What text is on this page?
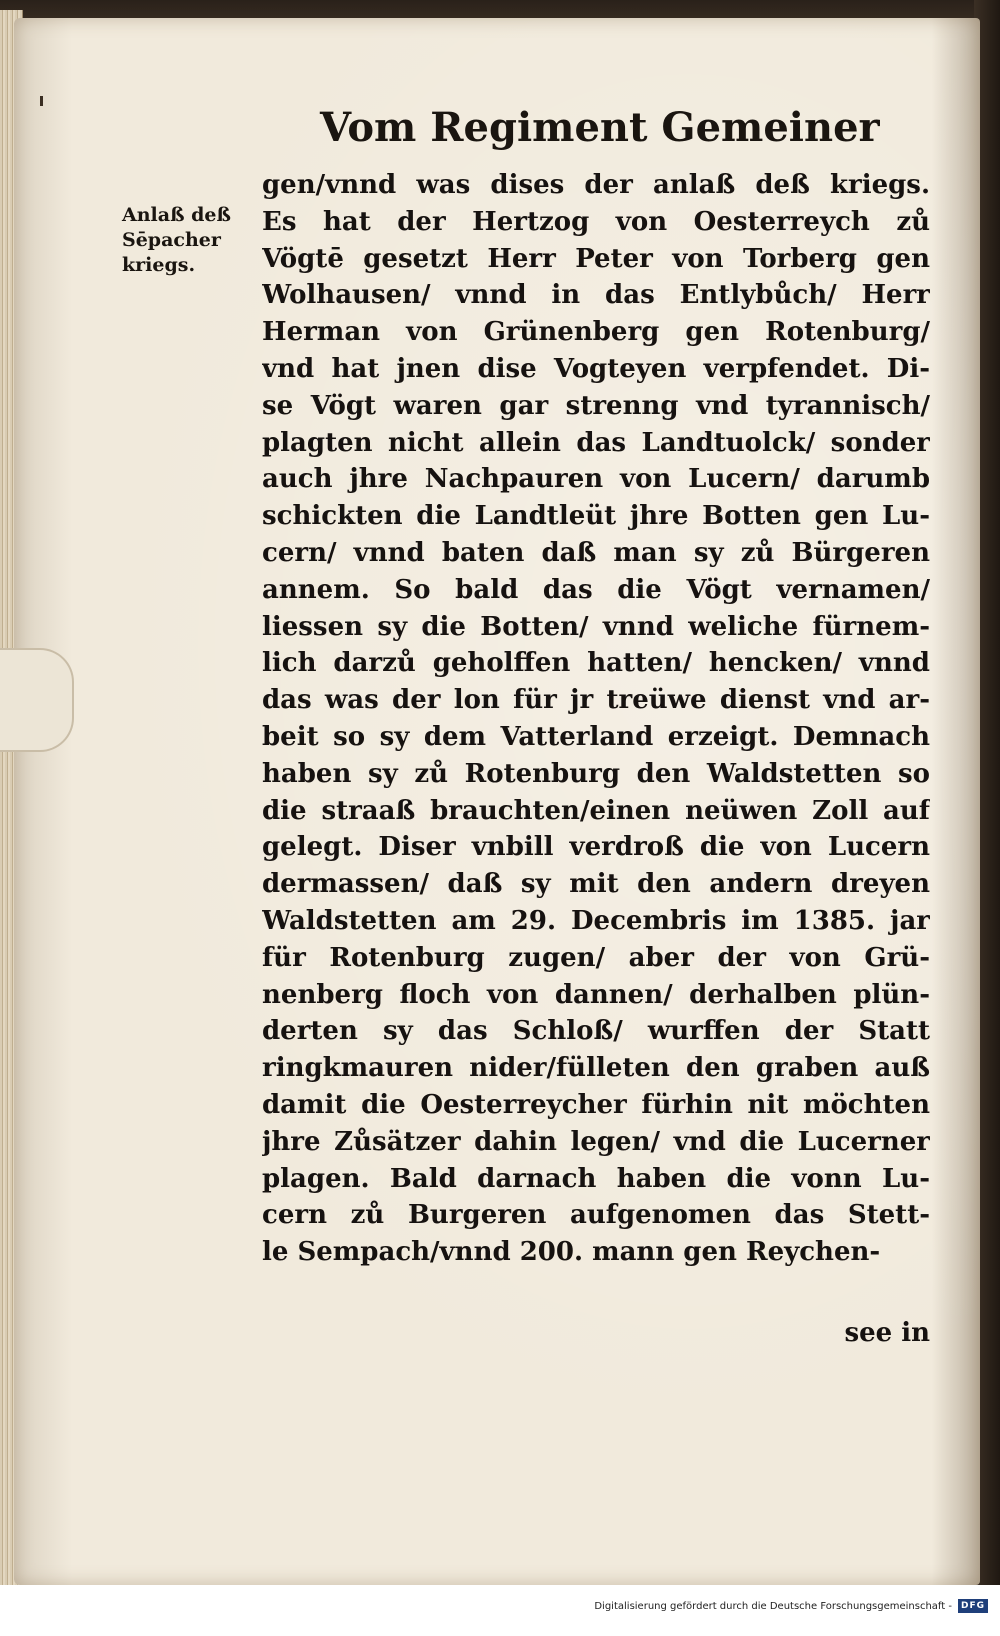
Vom Regiment Gemeiner
Anlaß deß
Sēpacher
kriegs.
gen/vnnd was dises der anlaß deß kriegs.
Es hat der Hertzog von Oesterreych zů
Vögtē gesetzt Herr Peter von Torberg gen
Wolhausen/ vnnd in das Entlybůch/ Herr
Herman von Grünenberg gen Rotenburg/
vnd hat jnen dise Vogteyen verpfendet. Di-
se Vögt waren gar strenng vnd tyrannisch/
plagten nicht allein das Landtuolck/ sonder
auch jhre Nachpauren von Lucern/ darumb
schickten die Landtleüt jhre Botten gen Lu-
cern/ vnnd baten daß man sy zů Bürgeren
annem. So bald das die Vögt vernamen/
liessen sy die Botten/ vnnd weliche fürnem-
lich darzů geholffen hatten/ hencken/ vnnd
das was der lon für jr treüwe dienst vnd ar-
beit so sy dem Vatterland erzeigt. Demnach
haben sy zů Rotenburg den Waldstetten so
die straaß brauchten/einen neüwen Zoll auf
gelegt. Diser vnbill verdroß die von Lucern
dermassen/ daß sy mit den andern dreyen
Waldstetten am 29. Decembris im 1385. jar
für Rotenburg zugen/ aber der von Grü-
nenberg floch von dannen/ derhalben plün-
derten sy das Schloß/ wurffen der Statt
ringkmauren nider/fülleten den graben auß
damit die Oesterreycher fürhin nit möchten
jhre Zůsätzer dahin legen/ vnd die Lucerner
plagen. Bald darnach haben die vonn Lu-
cern zů Burgeren aufgenomen das Stett-
le Sempach/vnnd 200. mann gen Reychen-
see in
Digitalisierung gefördert durch die Deutsche Forschungsgemeinschaft - DFG
